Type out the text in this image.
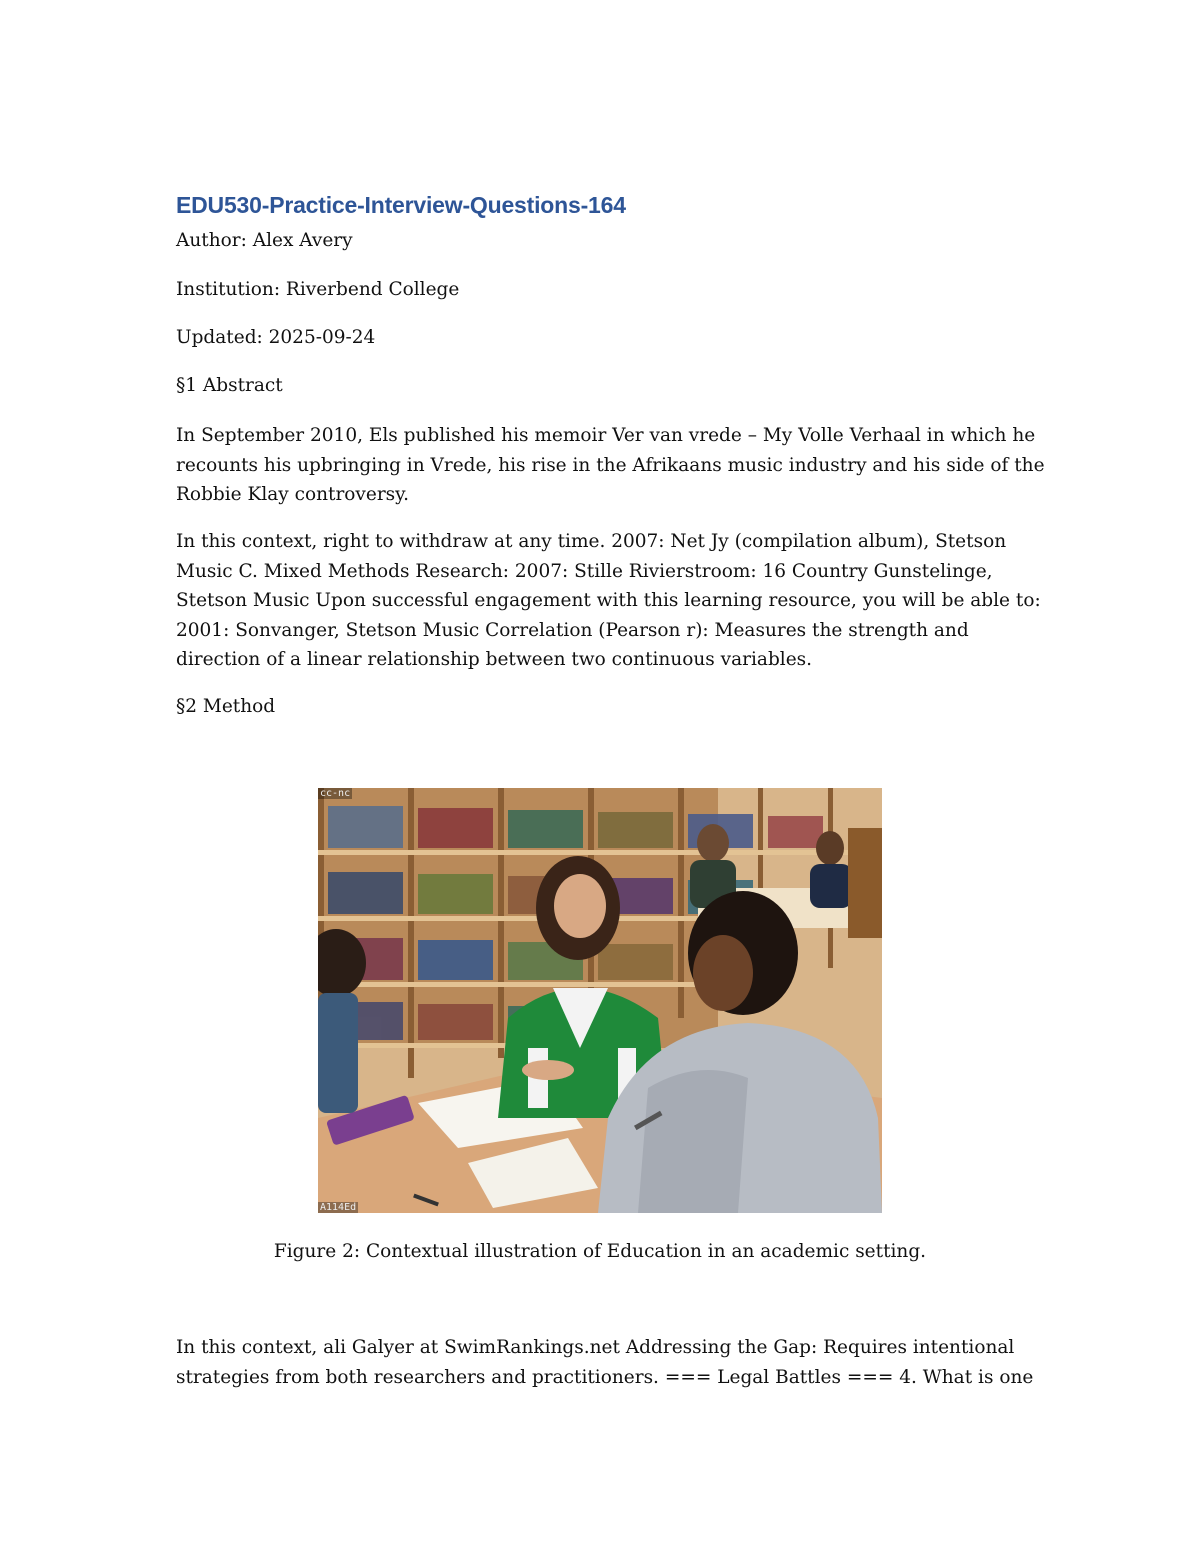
EDU530-Practice-Interview-Questions-164
Author: Alex Avery
Institution: Riverbend College
Updated: 2025-09-24
§1 Abstract
In September 2010, Els published his memoir Ver van vrede – My Volle Verhaal in which he
recounts his upbringing in Vrede, his rise in the Afrikaans music industry and his side of the
Robbie Klay controversy.
In this context, right to withdraw at any time. 2007: Net Jy (compilation album), Stetson
Music C. Mixed Methods Research: 2007: Stille Rivierstroom: 16 Country Gunstelinge,
Stetson Music Upon successful engagement with this learning resource, you will be able to:
2001: Sonvanger, Stetson Music Correlation (Pearson r): Measures the strength and
direction of a linear relationship between two continuous variables.
§2 Method
cc-nc
A114Ed
Figure 2: Contextual illustration of Education in an academic setting.
In this context, ali Galyer at SwimRankings.net Addressing the Gap: Requires intentional
strategies from both researchers and practitioners. === Legal Battles === 4. What is one
